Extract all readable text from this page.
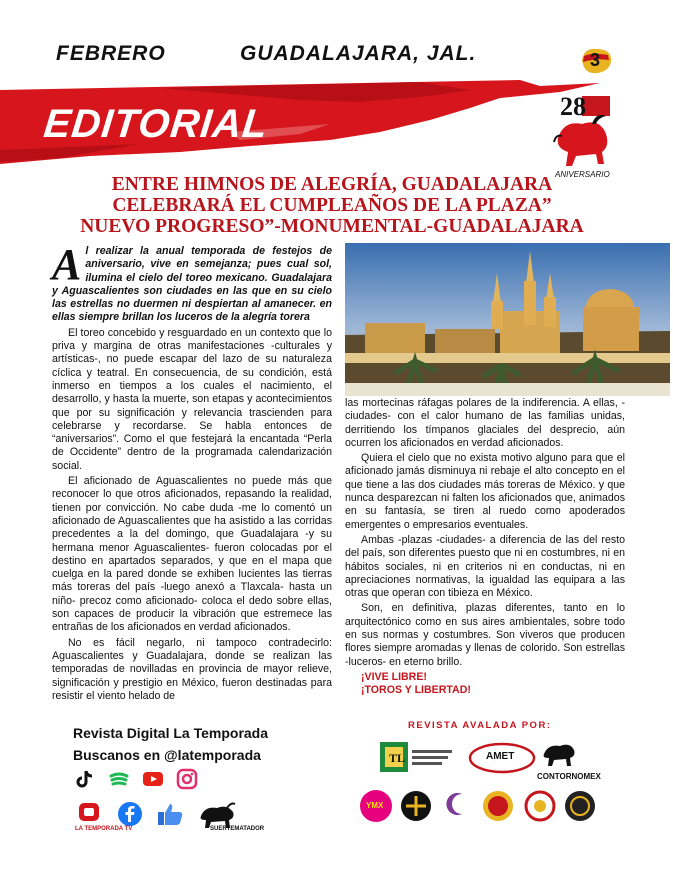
FEBRERO	GUADALAJARA, JAL.	3
EDITORIAL	28
ANIVERSARIO
ENTRE HIMNOS DE ALEGRÍA, GUADALAJARA
CELEBRARÁ EL CUMPLEAÑOS DE LA PLAZA”
NUEVO PROGRESO”-MONUMENTAL-GUADALAJARA

Al realizar la anual temporada de festejos de aniversario, vive en semejanza; pues cual sol, ilumina el cielo del toreo mexicano. Guadalajara y Aguascalientes son ciudades en las que en su cielo las estrellas no duermen ni despiertan al amanecer. en ellas siempre brillan los luceros de la alegría torera

El toreo concebido y resguardado en un contexto que lo priva y margina de otras manifestaciones -culturales y artísticas-, no puede escapar del lazo de su naturaleza cíclica y teatral. En consecuencia, de su condición, está inmerso en tiempos a los cuales el nacimiento, el desarrollo, y hasta la muerte, son etapas y acontecimientos que por su significación y relevancia trascienden para celebrarse y recordarse. Se habla entonces de “aniversarios”. Como el que festejará la encantada “Perla de Occidente” dentro de la programada calendarización social.

El aficionado de Aguascalientes no puede más que reconocer lo que otros aficionados, repasando la realidad, tienen por convicción. No cabe duda -me lo comentó un aficionado de Aguascalientes que ha asistido a las corridas precedentes a la del domingo, que Guadalajara -y su hermana menor Aguascalientes- fueron colocadas por el destino en apartados separados, y que en el mapa que cuelga en la pared donde se exhiben lucientes las tierras más toreras del país -luego anexó a Tlaxcala- hasta un niño- precoz como aficionado- coloca el dedo sobre ellas, son capaces de producir la vibración que estremece las entrañas de los aficionados en verdad aficionados.

No es fácil negarlo, ni tampoco contradecirlo: Aguascalientes y Guadalajara, donde se realizan las temporadas de novilladas en provincia de mayor relieve, significación y prestigio en México, fueron destinadas para resistir el viento helado de

las mortecinas ráfagas polares de la indiferencia. A ellas, -ciudades- con el calor humano de las familias unidas, derritiendo los tímpanos glaciales del desprecio, aún ocurren los aficionados en verdad aficionados.

Quiera el cielo que no exista motivo alguno para que el aficionado jamás disminuya ni rebaje el alto concepto en el que tiene a las dos ciudades más toreras de México. y que nunca desparezcan ni falten los aficionados que, animados en su fantasía, se tiren al ruedo como apoderados emergentes o empresarios eventuales.

Ambas -plazas -ciudades- a diferencia de las del resto del país, son diferentes puesto que ni en costumbres, ni en hábitos sociales, ni en criterios ni en conductas, ni en apreciaciones normativas, la igualdad las equipara a las otras que operan con tibieza en México.

Son, en definitiva, plazas diferentes, tanto en lo arquitectónico como en sus aires ambientales, sobre todo en sus normas y costumbres. Son viveros que producen flores siempre aromadas y llenas de colorido. Son estrellas -luceros- en eterno brillo.

¡VIVE LIBRE!
¡TOROS Y LIBERTAD!
Revista Digital La Temporada
Buscanos en @latemporada
LA TEMPORADA TV	SUERTEMATADOR
REVISTA AVALADA POR:
TL	AMET
CONTORNOMEX
YMX
